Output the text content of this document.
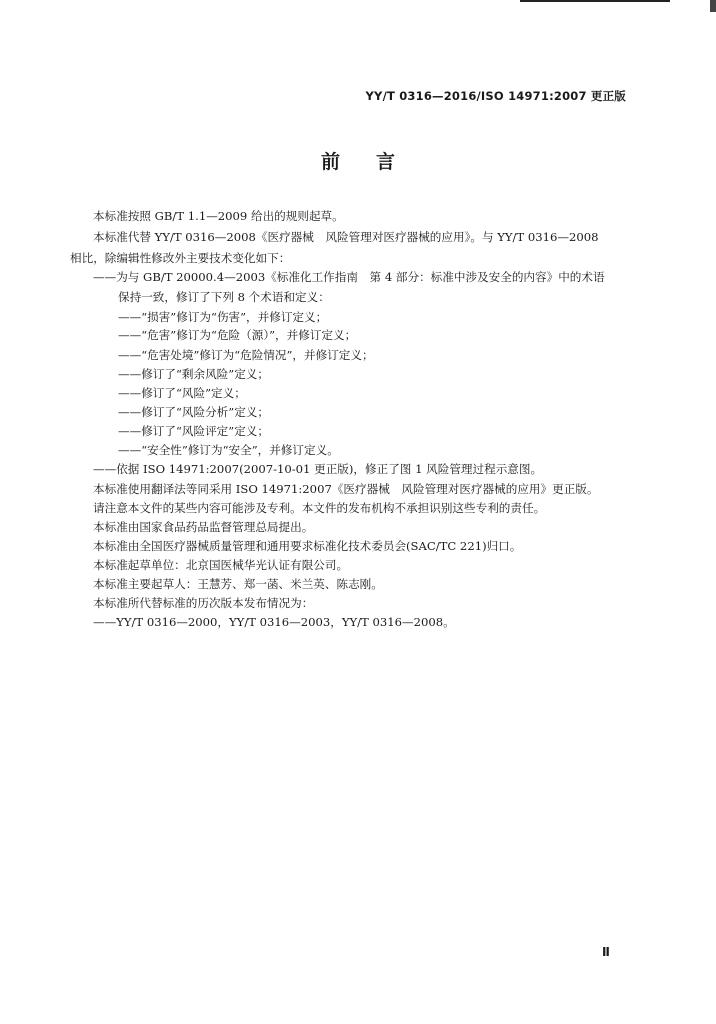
YY/T 0316—2016/ISO 14971:2007 更正版
前言
本标准按照 GB/T 1.1—2009 给出的规则起草。
本标准代替 YY/T 0316—2008《医疗器械　风险管理对医疗器械的应用》。与 YY/T 0316—2008
相比，除编辑性修改外主要技术变化如下：
——为与 GB/T 20000.4—2003《标准化工作指南　第 4 部分：标准中涉及安全的内容》中的术语
保持一致，修订了下列 8 个术语和定义：
——“损害”修订为“伤害”，并修订定义；
——“危害”修订为“危险（源）”，并修订定义；
——“危害处境”修订为“危险情况”，并修订定义；
——修订了“剩余风险”定义；
——修订了“风险”定义；
——修订了“风险分析”定义；
——修订了“风险评定”定义；
——“安全性”修订为“安全”，并修订定义。
——依据 ISO 14971:2007(2007-10-01 更正版)，修正了图 1 风险管理过程示意图。
本标准使用翻译法等同采用 ISO 14971:2007《医疗器械　风险管理对医疗器械的应用》更正版。
请注意本文件的某些内容可能涉及专利。本文件的发布机构不承担识别这些专利的责任。
本标准由国家食品药品监督管理总局提出。
本标准由全国医疗器械质量管理和通用要求标准化技术委员会(SAC/TC 221)归口。
本标准起草单位：北京国医械华光认证有限公司。
本标准主要起草人：王慧芳、郑一菡、米兰英、陈志刚。
本标准所代替标准的历次版本发布情况为：
——YY/T 0316—2000，YY/T 0316—2003，YY/T 0316—2008。
Ⅱ
